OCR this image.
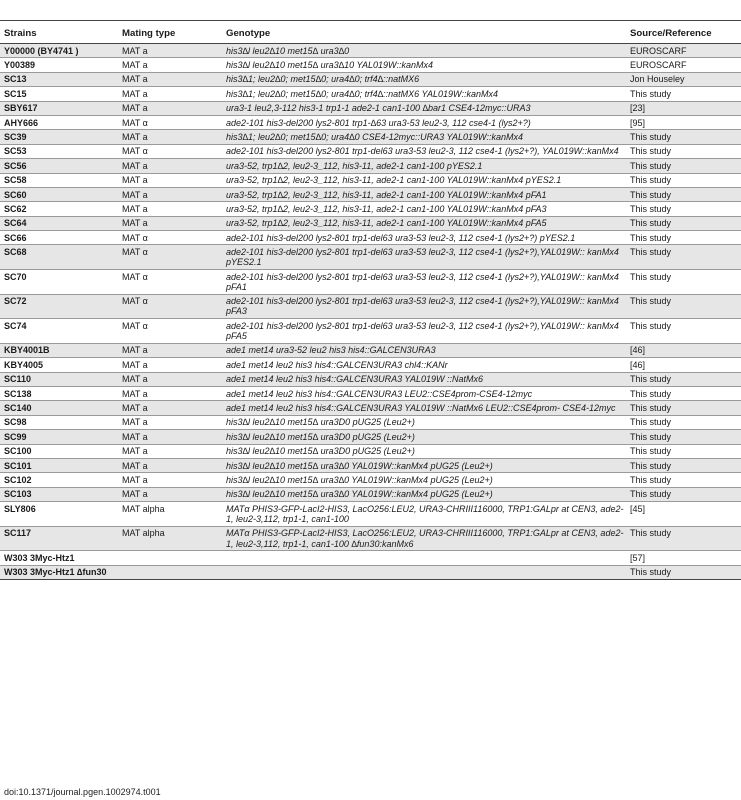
Strains	Mating type	Genotype	Source/Reference
Y00000 (BY4741 )	MAT a	his3∆l leu2∆10 met15∆ ura3∆0	EUROSCARF
Y00389	MAT a	his3∆l leu2∆10 met15∆ ura3∆10 YAL019W::kanMx4	EUROSCARF
SC13	MAT a	his3∆1; leu2∆0; met15∆0; ura4∆0; trf4∆::natMX6	Jon Houseley
SC15	MAT a	his3∆1; leu2∆0; met15∆0; ura4∆0; trf4∆::natMX6 YAL019W::kanMx4	This study
SBY617	MAT a	ura3-1 leu2,3-112 his3-1 trp1-1 ade2-1 can1-100 ∆bar1 CSE4-12myc::URA3	[23]
AHY666	MAT α	ade2-101 his3-del200 lys2-801 trp1-∆63 ura3-53 leu2-3, 112 cse4-1 (lys2+?)	[95]
SC39	MAT a	his3∆1; leu2∆0; met15∆0; ura4∆0 CSE4-12myc::URA3 YAL019W::kanMx4	This study
SC53	MAT α	ade2-101 his3-del200 lys2-801 trp1-del63 ura3-53 leu2-3, 112 cse4-1 (lys2+?), YAL019W::kanMx4	This study
SC56	MAT a	ura3-52, trp1∆2, leu2-3_112, his3-11, ade2-1 can1-100 pYES2.1	This study
SC58	MAT a	ura3-52, trp1∆2, leu2-3_112, his3-11, ade2-1 can1-100 YAL019W::kanMx4 pYES2.1	This study
SC60	MAT a	ura3-52, trp1∆2, leu2-3_112, his3-11, ade2-1 can1-100 YAL019W::kanMx4 pFA1	This study
SC62	MAT a	ura3-52, trp1∆2, leu2-3_112, his3-11, ade2-1 can1-100 YAL019W::kanMx4 pFA3	This study
SC64	MAT a	ura3-52, trp1∆2, leu2-3_112, his3-11, ade2-1 can1-100 YAL019W::kanMx4 pFA5	This study
SC66	MAT α	ade2-101 his3-del200 lys2-801 trp1-del63 ura3-53 leu2-3, 112 cse4-1 (lys2+?) pYES2.1	This study
SC68	MAT α	ade2-101 his3-del200 lys2-801 trp1-del63 ura3-53 leu2-3, 112 cse4-1 (lys2+?),YAL019W:: kanMx4 pYES2.1	This study
SC70	MAT α	ade2-101 his3-del200 lys2-801 trp1-del63 ura3-53 leu2-3, 112 cse4-1 (lys2+?),YAL019W:: kanMx4 pFA1	This study
SC72	MAT α	ade2-101 his3-del200 lys2-801 trp1-del63 ura3-53 leu2-3, 112 cse4-1 (lys2+?),YAL019W:: kanMx4 pFA3	This study
SC74	MAT α	ade2-101 his3-del200 lys2-801 trp1-del63 ura3-53 leu2-3, 112 cse4-1 (lys2+?),YAL019W:: kanMx4 pFA5	This study
KBY4001B	MAT a	ade1 met14 ura3-52 leu2 his3 his4::GALCEN3URA3	[46]
KBY4005	MAT a	ade1 met14 leu2 his3 his4::GALCEN3URA3 chl4::KANr	[46]
SC110	MAT a	ade1 met14 leu2 his3 his4::GALCEN3URA3 YAL019W ::NatMx6	This study
SC138	MAT a	ade1 met14 leu2 his3 his4::GALCEN3URA3 LEU2::CSE4prom-CSE4-12myc	This study
SC140	MAT a	ade1 met14 leu2 his3 his4::GALCEN3URA3 YAL019W ::NatMx6 LEU2::CSE4prom- CSE4-12myc	This study
SC98	MAT a	his3∆l leu2∆10 met15∆ ura3D0 pUG25 (Leu2+)	This study
SC99	MAT a	his3∆l leu2∆10 met15∆ ura3D0 pUG25 (Leu2+)	This study
SC100	MAT a	his3∆l leu2∆10 met15∆ ura3D0 pUG25 (Leu2+)	This study
SC101	MAT a	his3∆l leu2∆10 met15∆ ura3∆0 YAL019W::kanMx4 pUG25 (Leu2+)	This study
SC102	MAT a	his3∆l leu2∆10 met15∆ ura3∆0 YAL019W::kanMx4 pUG25 (Leu2+)	This study
SC103	MAT a	his3∆l leu2∆10 met15∆ ura3∆0 YAL019W::kanMx4 pUG25 (Leu2+)	This study
SLY806	MAT alpha	MATα PHIS3-GFP-LacI2-HIS3, LacO256:LEU2, URA3-CHRIII116000, TRP1:GALpr at CEN3, ade2-1, leu2-3,112, trp1-1, can1-100	[45]
SC117	MAT alpha	MATα PHIS3-GFP-LacI2-HIS3, LacO256:LEU2, URA3-CHRIII116000, TRP1:GALpr at CEN3, ade2-1, leu2-3,112, trp1-1, can1-100 ∆fun30:kanMx6	This study
W303 3Myc-Htz1			[57]
W303 3Myc-Htz1 ∆fun30			This study
doi:10.1371/journal.pgen.1002974.t001
